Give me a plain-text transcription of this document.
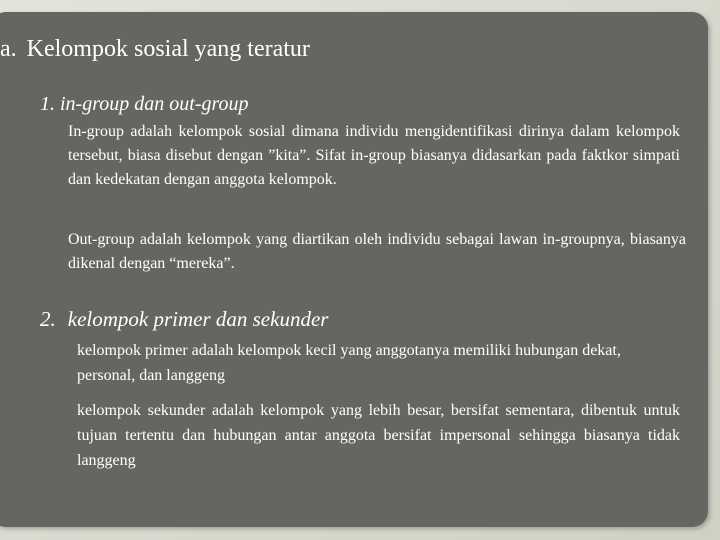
a. Kelompok sosial yang teratur
1. in-group dan out-group
In-group adalah kelompok sosial dimana individu mengidentifikasi dirinya dalam kelompok tersebut, biasa disebut dengan ”kita”. Sifat in-group biasanya didasarkan pada faktkor simpati dan kedekatan dengan anggota kelompok.
Out-group adalah kelompok yang diartikan oleh individu sebagai lawan in-groupnya, biasanya dikenal dengan “mereka”.
2. kelompok primer dan sekunder
kelompok primer adalah kelompok kecil yang anggotanya memiliki hubungan dekat, personal, dan langgeng
kelompok sekunder adalah kelompok yang lebih besar, bersifat sementara, dibentuk untuk tujuan tertentu dan hubungan antar anggota bersifat impersonal sehingga biasanya tidak langgeng
